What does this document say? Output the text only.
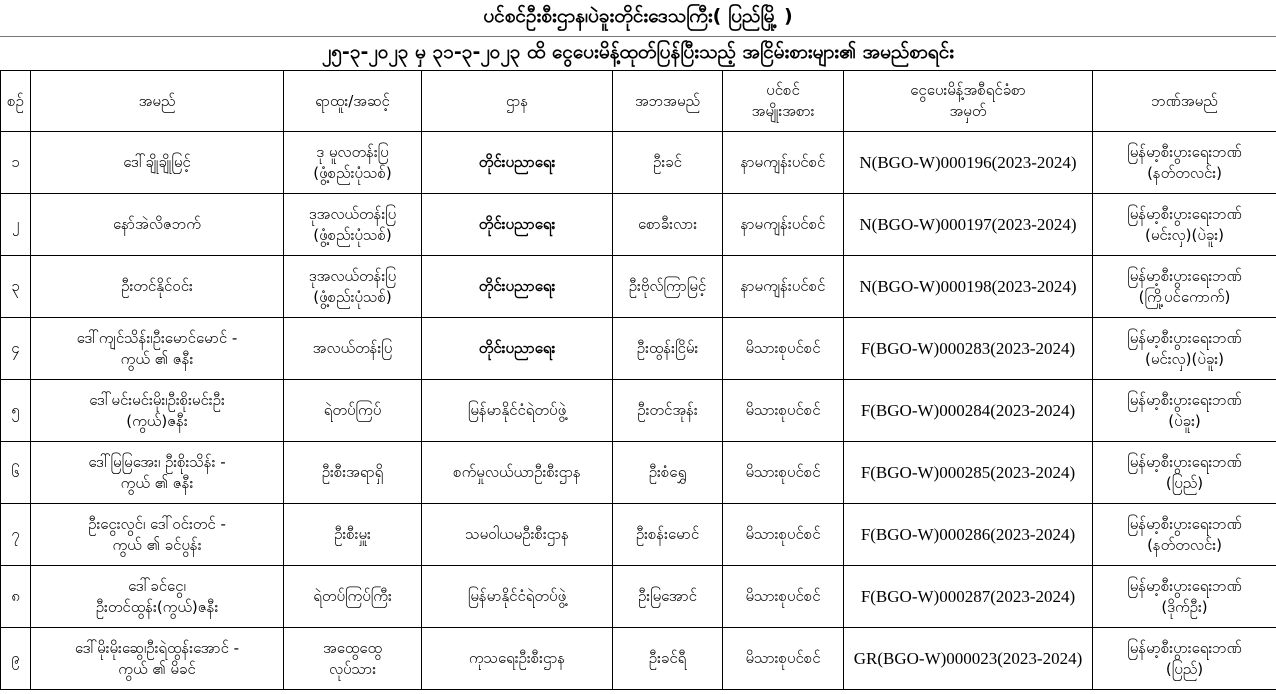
ပင်စင်ဦးစီးဌာန၊ပဲခူးတိုင်းဒေသကြီး( ပြည်မြို့ )
၂၅-၃-၂၀၂၃ မှ ၃၁-၃-၂၀၂၃ ထိ ငွေပေးမိန့်ထုတ်ပြန်ပြီးသည့် အငြိမ်းစားများ၏ အမည်စာရင်း
စဉ်	အမည်	ရာထူး/အဆင့်	ဌာန	အဘအမည်	ပင်စင်
အမျိုးအစား	ငွေပေးမိန့်အစီရင်ခံစာ
အမှတ်	ဘဏ်အမည်
၁	ဒေါ်ချိုချိုမြင့်	ဒု မူလတန်းပြ
(ဖွံ့စည်းပုံသစ်)	တိုင်းပညာရေး	ဦးခင်	နာမကျန်းပင်စင်	N(BGO-W)000196(2023-2024)	မြန်မာ့စီးပွားရေးဘဏ်
(နတ်တလင်း)

၂	နော်အဲလိဇဘက်	ဒုအလယ်တန်းပြ
(ဖွံ့စည်းပုံသစ်)	တိုင်းပညာရေး	စောခီးလား	နာမကျန်းပင်စင်	N(BGO-W)000197(2023-2024)	မြန်မာ့စီးပွားရေးဘဏ်
(မင်းလှ)(ပဲခူး)

၃	ဦးတင်နိုင်ဝင်း	ဒုအလယ်တန်းပြ
(ဖွံ့စည်းပုံသစ်)	တိုင်းပညာရေး	ဦးဗိုလ်ကြာမြင့်	နာမကျန်းပင်စင်	N(BGO-W)000198(2023-2024)	မြန်မာ့စီးပွားရေးဘဏ်
(ကြို့ပင်ကောက်)

၄	ဒေါ်ကျင်သိန်း၊ဦးမောင်မောင် -
ကွယ် ၏ ဇနီး	အလယ်တန်းပြ	တိုင်းပညာရေး	ဦးထွန်းငြိမ်း	မိသားစုပင်စင်	F(BGO-W)000283(2023-2024)	မြန်မာ့စီးပွားရေးဘဏ်
(မင်းလှ)(ပဲခူး)

၅	ဒေါ်မင်းမင်းမိုး၊ဦးစိုးမင်းဦး
(ကွယ်)ဇနီး	ရဲတပ်ကြပ်	မြန်မာနိုင်ငံရဲတပ်ဖွဲ့	ဦးတင်အုန်း	မိသားစုပင်စင်	F(BGO-W)000284(2023-2024)	မြန်မာ့စီးပွားရေးဘဏ်
(ပဲခူး)

၆	ဒေါ်မြမြအေး၊ ဦးစိုးသိန်း -
ကွယ် ၏ ဇနီး	ဦးစီးအရာရှိ	စက်မှုလယ်ယာဦးစီးဌာန	ဦးစံရွှေ	မိသားစုပင်စင်	F(BGO-W)000285(2023-2024)	မြန်မာ့စီးပွားရေးဘဏ်
(ပြည်)

၇	ဦးငွေးလွင်၊ ဒေါ်ဝင်းတင် -
ကွယ် ၏ ခင်ပွန်း	ဦးစီးမှူး	သမဝါယမဦးစီးဌာန	ဦးစန်းမောင်	မိသားစုပင်စင်	F(BGO-W)000286(2023-2024)	မြန်မာ့စီးပွားရေးဘဏ်
(နတ်တလင်း)

၈	ဒေါ်ခင်ငွေ၊
ဦးတင်ထွန်း(ကွယ်)ဇနီး	ရဲတပ်ကြပ်ကြီး	မြန်မာနိုင်ငံရဲတပ်ဖွဲ့	ဦးမြအောင်	မိသားစုပင်စင်	F(BGO-W)000287(2023-2024)	မြန်မာ့စီးပွားရေးဘဏ်
(ဒိုက်ဦး)

၉	ဒေါ်မိုးမိုးဆွေ၊ဦးရဲထွန်းအောင် -
ကွယ် ၏ မိခင်	အထွေထွေ
လုပ်သား	ကုသရေးဦးစီးဌာန	ဦးခင်ရီ	မိသားစုပင်စင်	GR(BGO-W)000023(2023-2024)	မြန်မာ့စီးပွားရေးဘဏ်
(ပြည်)
